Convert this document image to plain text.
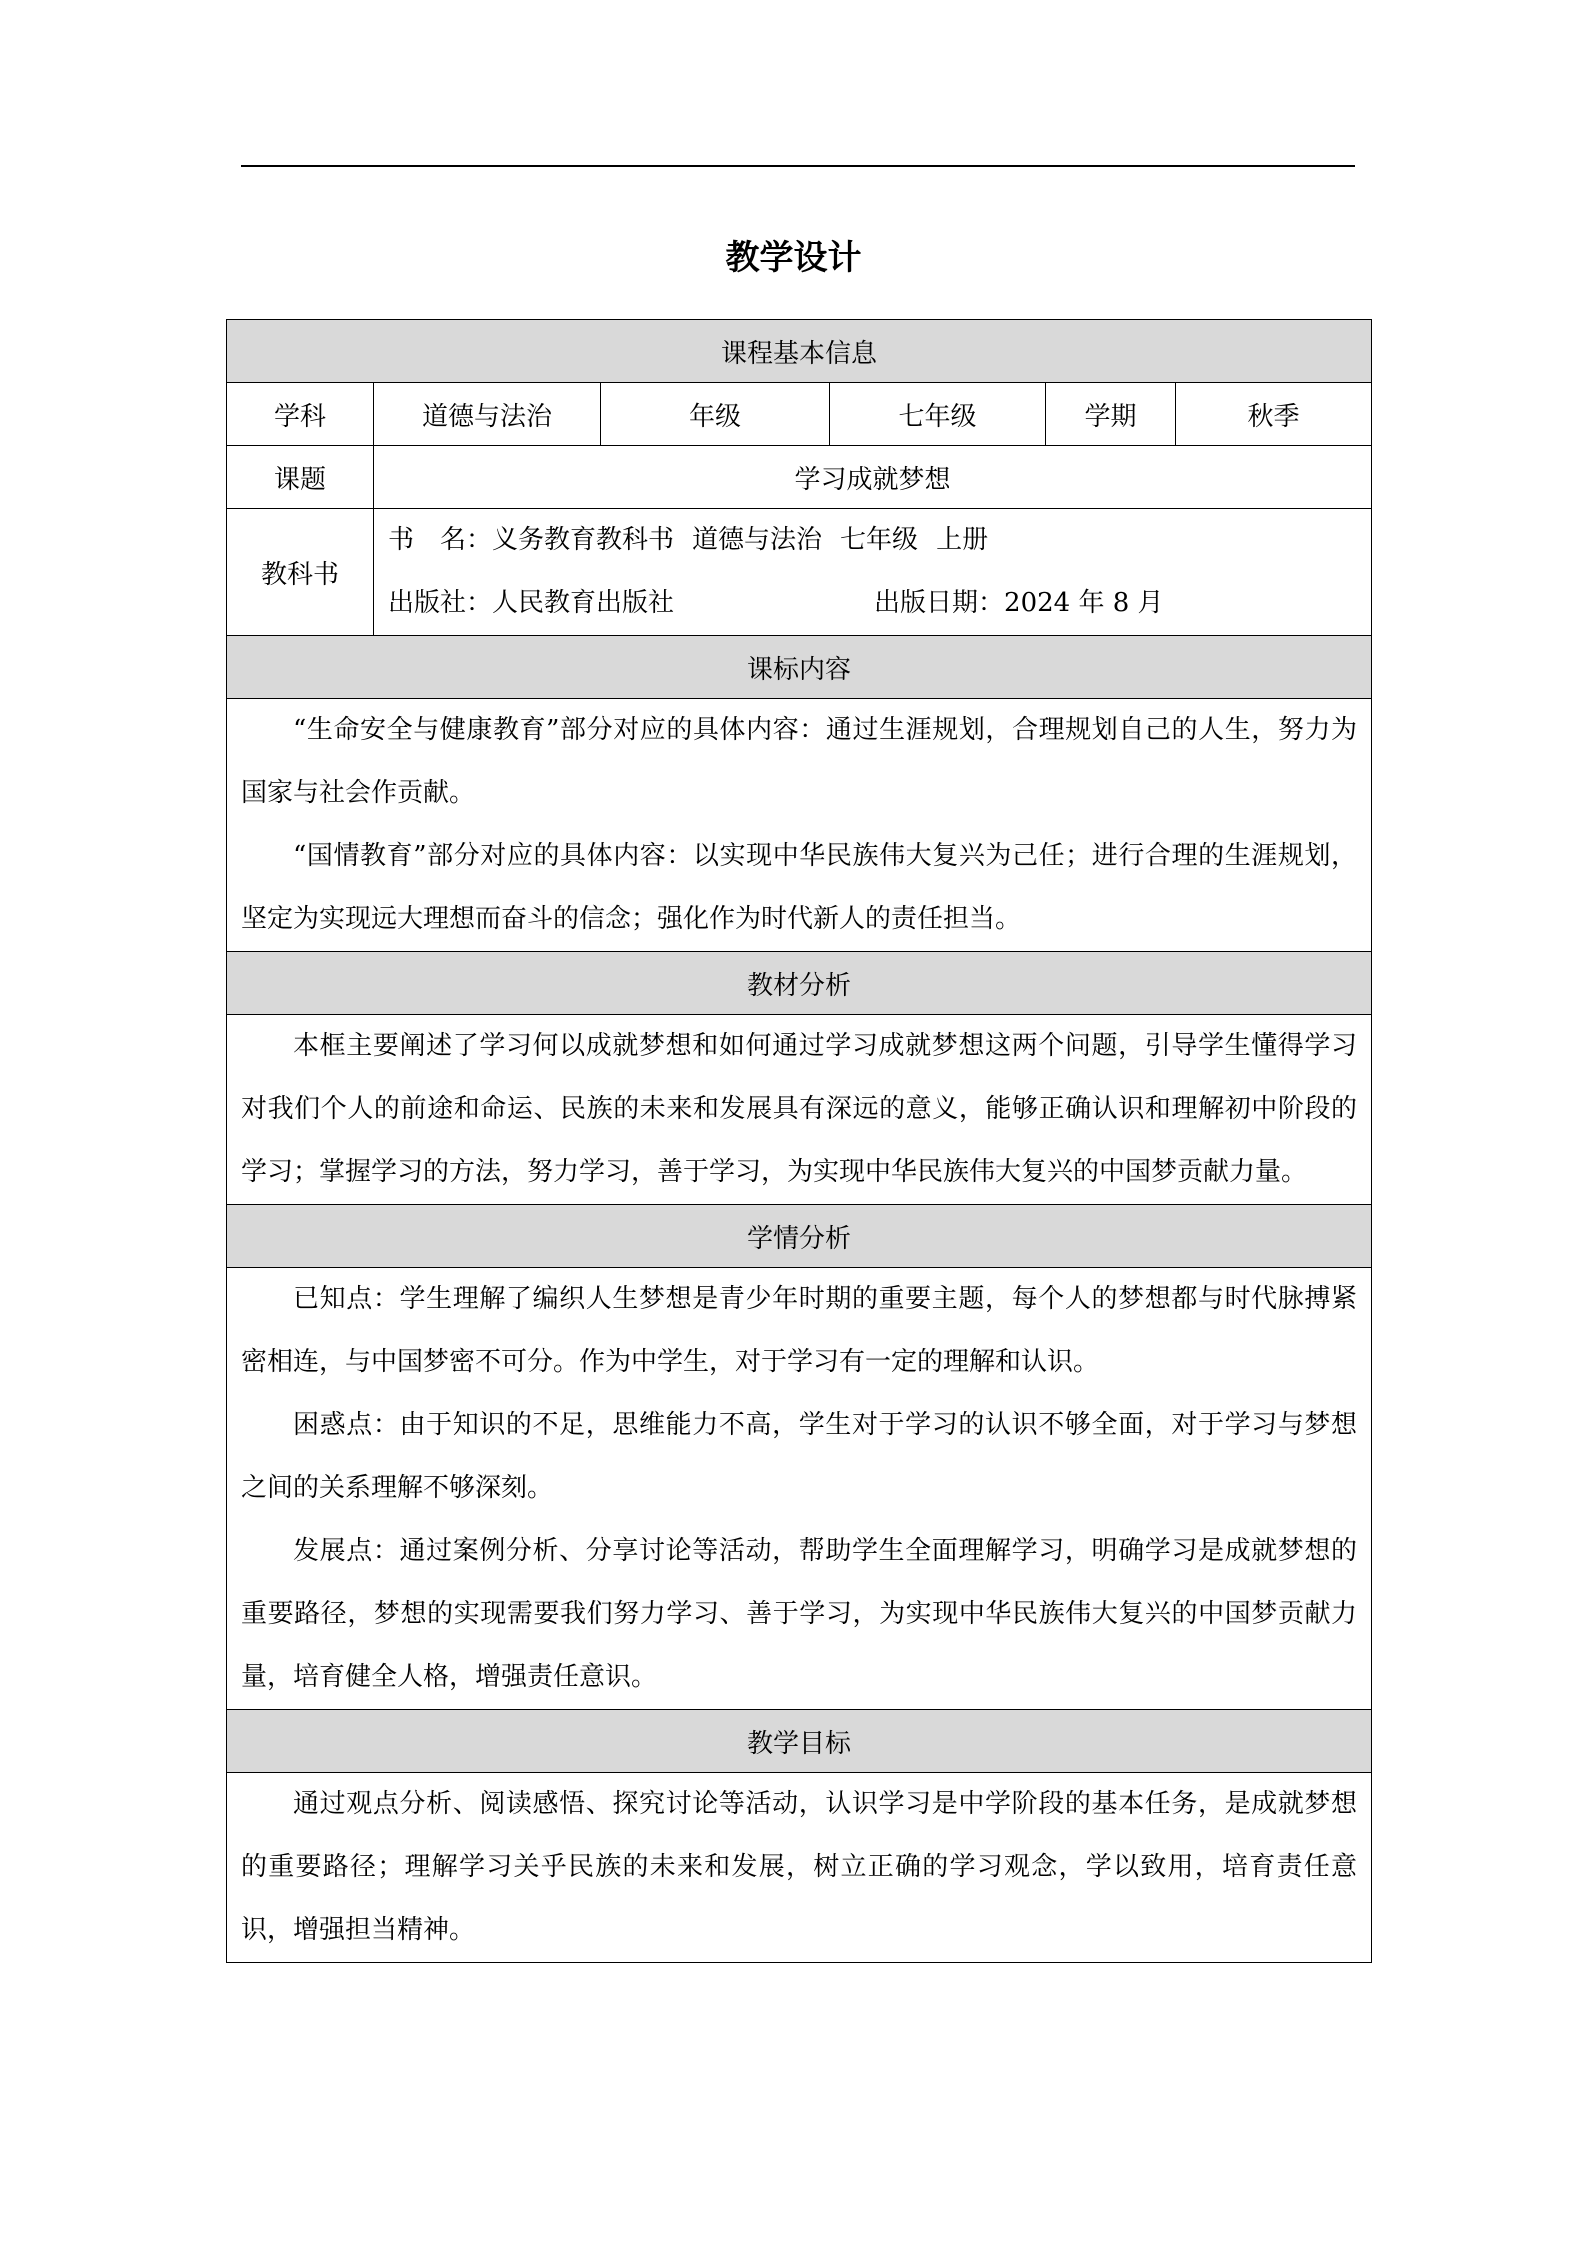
教学设计
课程基本信息					
学科	道德与法治	年级	七年级	学期	秋季
课题	学习成就梦想				
教科书	书　名：义务教育教科书 道德与法治 七年级 上册
出版社：人民教育出版社 出版日期：2024 年 8 月				

课标内容					

“生命安全与健康教育”部分对应的具体内容：通过生涯规划，合理规划自己的人生，努力为国家与社会作贡献。

“国情教育”部分对应的具体内容：以实现中华民族伟大复兴为己任；进行合理的生涯规划，坚定为实现远大理想而奋斗的信念；强化作为时代新人的责任担当。					

教材分析					

本框主要阐述了学习何以成就梦想和如何通过学习成就梦想这两个问题，引导学生懂得学习对我们个人的前途和命运、民族的未来和发展具有深远的意义，能够正确认识和理解初中阶段的学习；掌握学习的方法，努力学习，善于学习，为实现中华民族伟大复兴的中国梦贡献力量。					

学情分析					

已知点：学生理解了编织人生梦想是青少年时期的重要主题，每个人的梦想都与时代脉搏紧密相连，与中国梦密不可分。作为中学生，对于学习有一定的理解和认识。

困惑点：由于知识的不足，思维能力不高，学生对于学习的认识不够全面，对于学习与梦想之间的关系理解不够深刻。

发展点：通过案例分析、分享讨论等活动，帮助学生全面理解学习，明确学习是成就梦想的重要路径，梦想的实现需要我们努力学习、善于学习，为实现中华民族伟大复兴的中国梦贡献力量，培育健全人格，增强责任意识。					

教学目标					

通过观点分析、阅读感悟、探究讨论等活动，认识学习是中学阶段的基本任务，是成就梦想的重要路径；理解学习关乎民族的未来和发展，树立正确的学习观念，学以致用，培育责任意识，增强担当精神。					
